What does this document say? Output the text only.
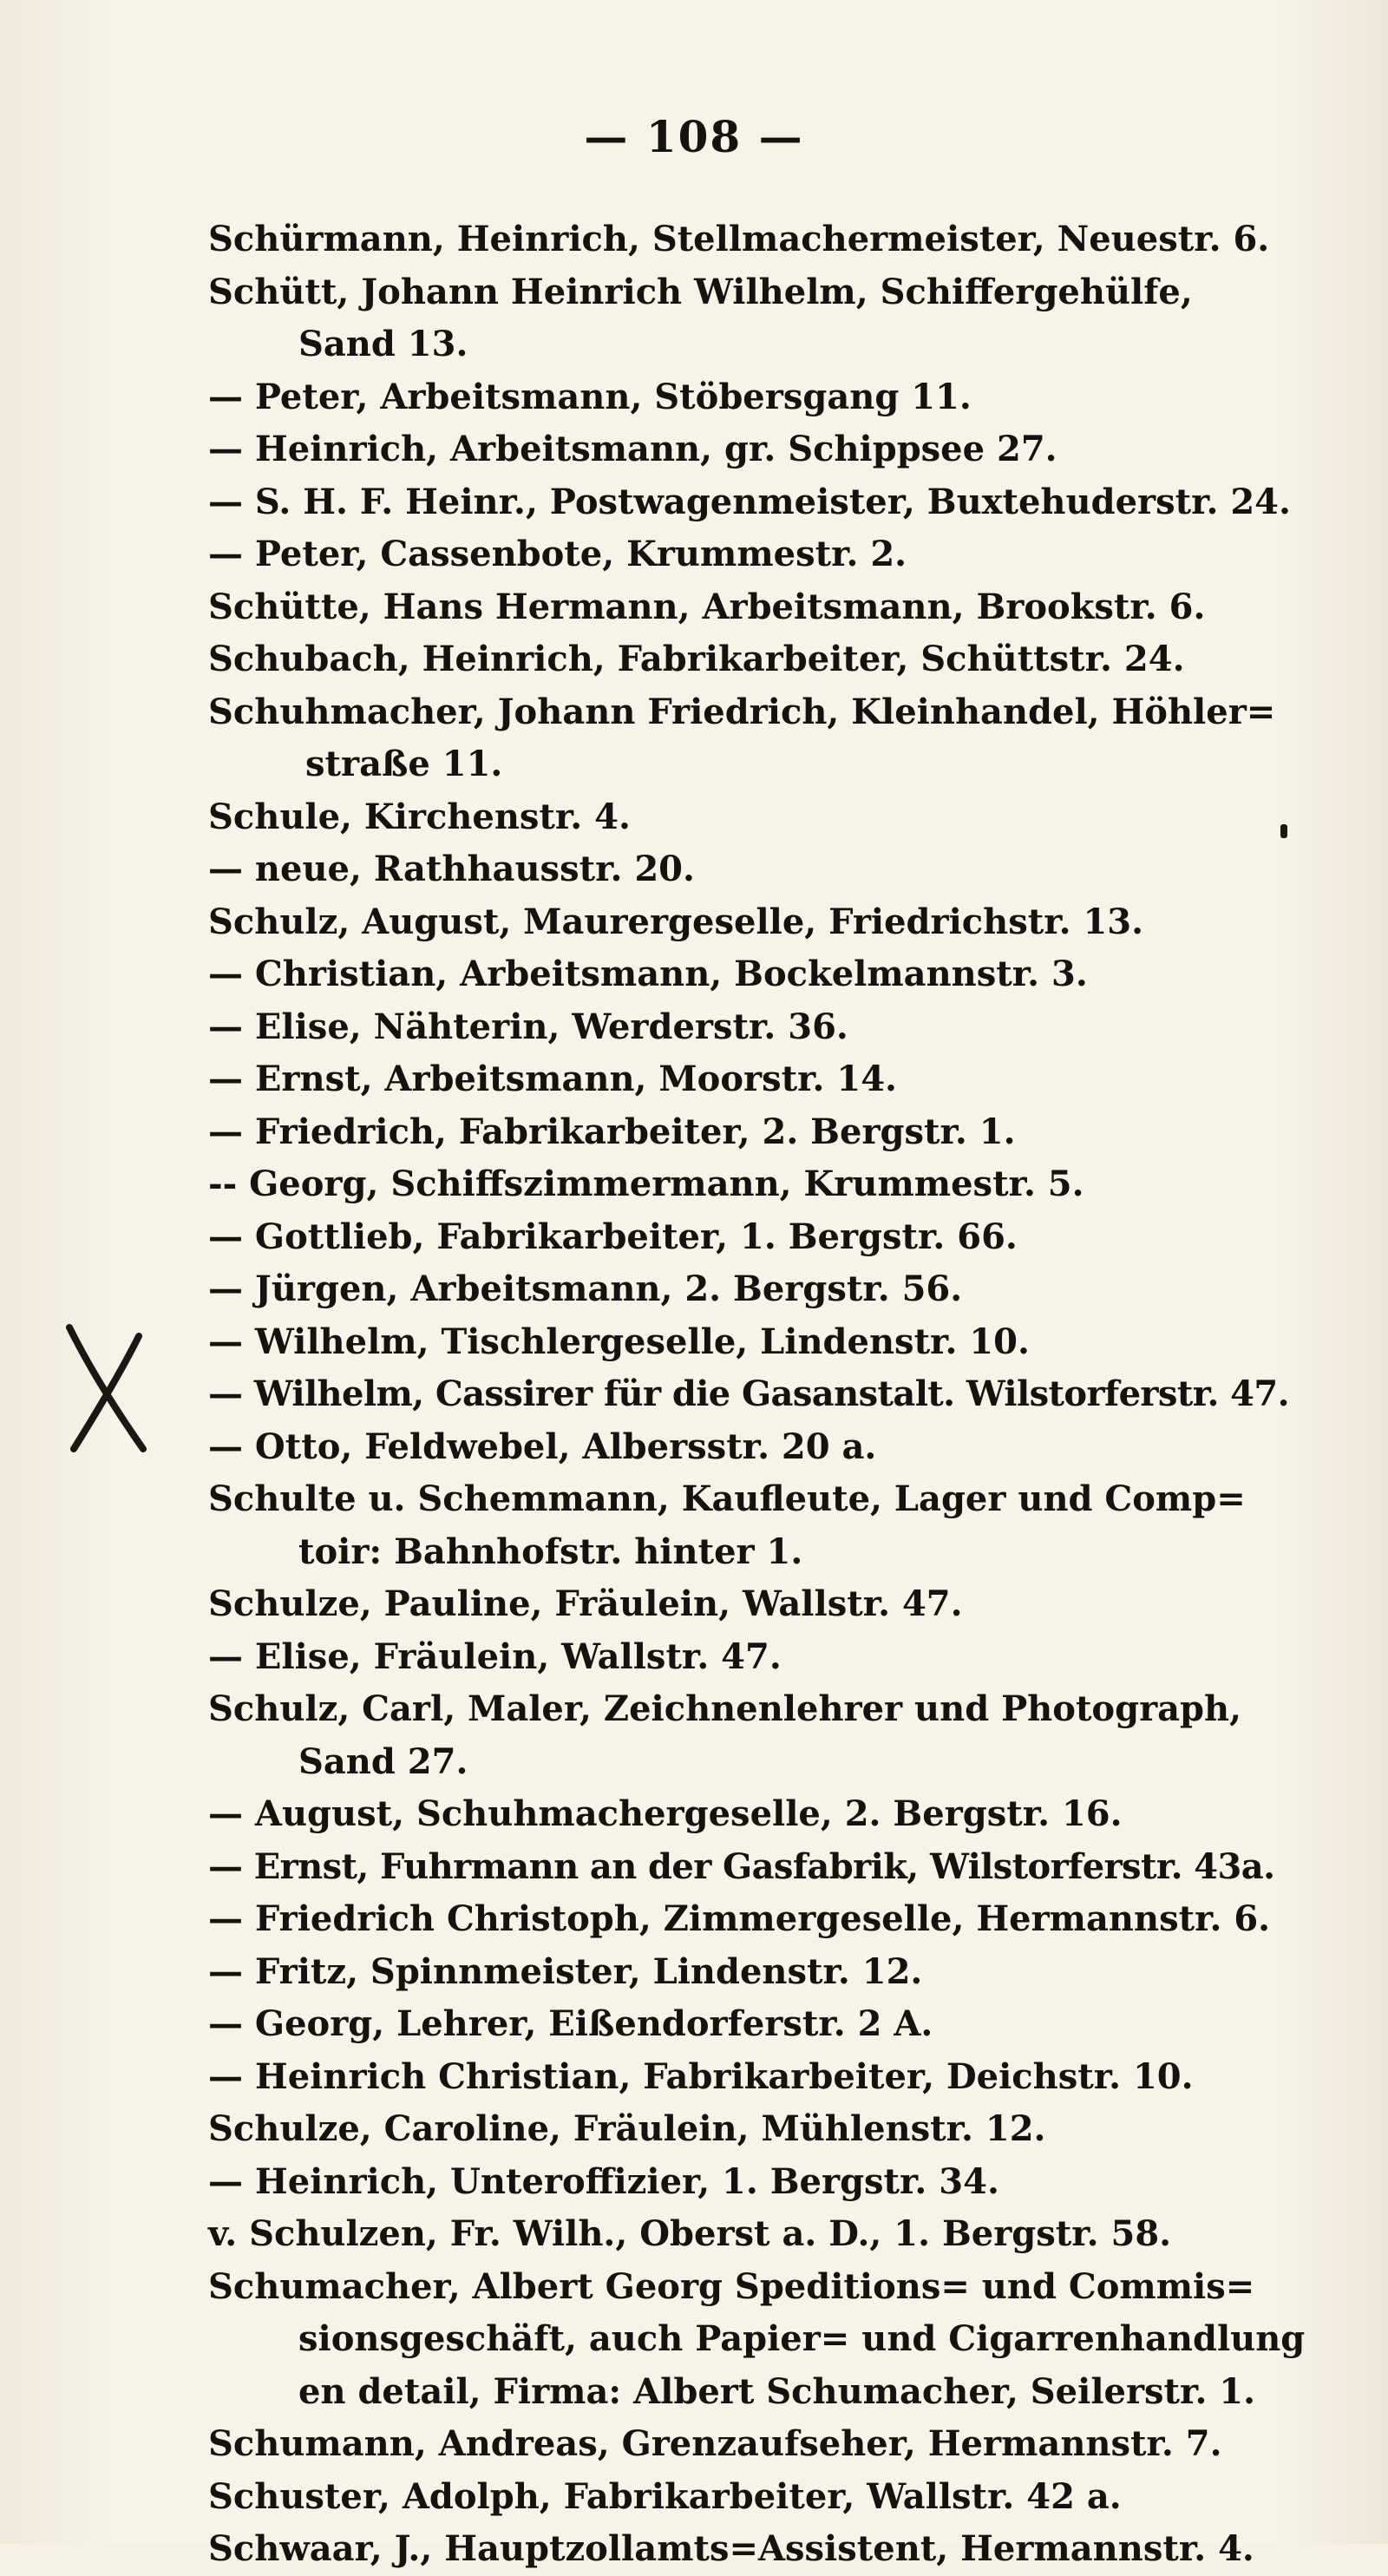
— 108 —
Schürmann, Heinrich, Stellmachermeister, Neuestr. 6.
Schütt, Johann Heinrich Wilhelm, Schiffergehülfe,
Sand 13.
— Peter, Arbeitsmann, Stöbersgang 11.
— Heinrich, Arbeitsmann, gr. Schippsee 27.
— S. H. F. Heinr., Postwagenmeister, Buxtehuderstr. 24.
— Peter, Cassenbote, Krummestr. 2.
Schütte, Hans Hermann, Arbeitsmann, Brookstr. 6.
Schubach, Heinrich, Fabrikarbeiter, Schüttstr. 24.
Schuhmacher, Johann Friedrich, Kleinhandel, Höhler=
straße 11.
Schule, Kirchenstr. 4.
— neue, Rathhausstr. 20.
Schulz, August, Maurergeselle, Friedrichstr. 13.
— Christian, Arbeitsmann, Bockelmannstr. 3.
— Elise, Nähterin, Werderstr. 36.
— Ernst, Arbeitsmann, Moorstr. 14.
— Friedrich, Fabrikarbeiter, 2. Bergstr. 1.
-- Georg, Schiffszimmermann, Krummestr. 5.
— Gottlieb, Fabrikarbeiter, 1. Bergstr. 66.
— Jürgen, Arbeitsmann, 2. Bergstr. 56.
— Wilhelm, Tischlergeselle, Lindenstr. 10.
— Wilhelm, Cassirer für die Gasanstalt. Wilstorferstr. 47.
— Otto, Feldwebel, Albersstr. 20 a.
Schulte u. Schemmann, Kaufleute, Lager und Comp=
toir: Bahnhofstr. hinter 1.
Schulze, Pauline, Fräulein, Wallstr. 47.
— Elise, Fräulein, Wallstr. 47.
Schulz, Carl, Maler, Zeichnenlehrer und Photograph,
Sand 27.
— August, Schuhmachergeselle, 2. Bergstr. 16.
— Ernst, Fuhrmann an der Gasfabrik, Wilstorferstr. 43a.
— Friedrich Christoph, Zimmergeselle, Hermannstr. 6.
— Fritz, Spinnmeister, Lindenstr. 12.
— Georg, Lehrer, Eißendorferstr. 2 A.
— Heinrich Christian, Fabrikarbeiter, Deichstr. 10.
Schulze, Caroline, Fräulein, Mühlenstr. 12.
— Heinrich, Unteroffizier, 1. Bergstr. 34.
v. Schulzen, Fr. Wilh., Oberst a. D., 1. Bergstr. 58.
Schumacher, Albert Georg Speditions= und Commis=
sionsgeschäft, auch Papier= und Cigarrenhandlung
en detail, Firma: Albert Schumacher, Seilerstr. 1.
Schumann, Andreas, Grenzaufseher, Hermannstr. 7.
Schuster, Adolph, Fabrikarbeiter, Wallstr. 42 a.
Schwaar, J., Hauptzollamts=Assistent, Hermannstr. 4.
